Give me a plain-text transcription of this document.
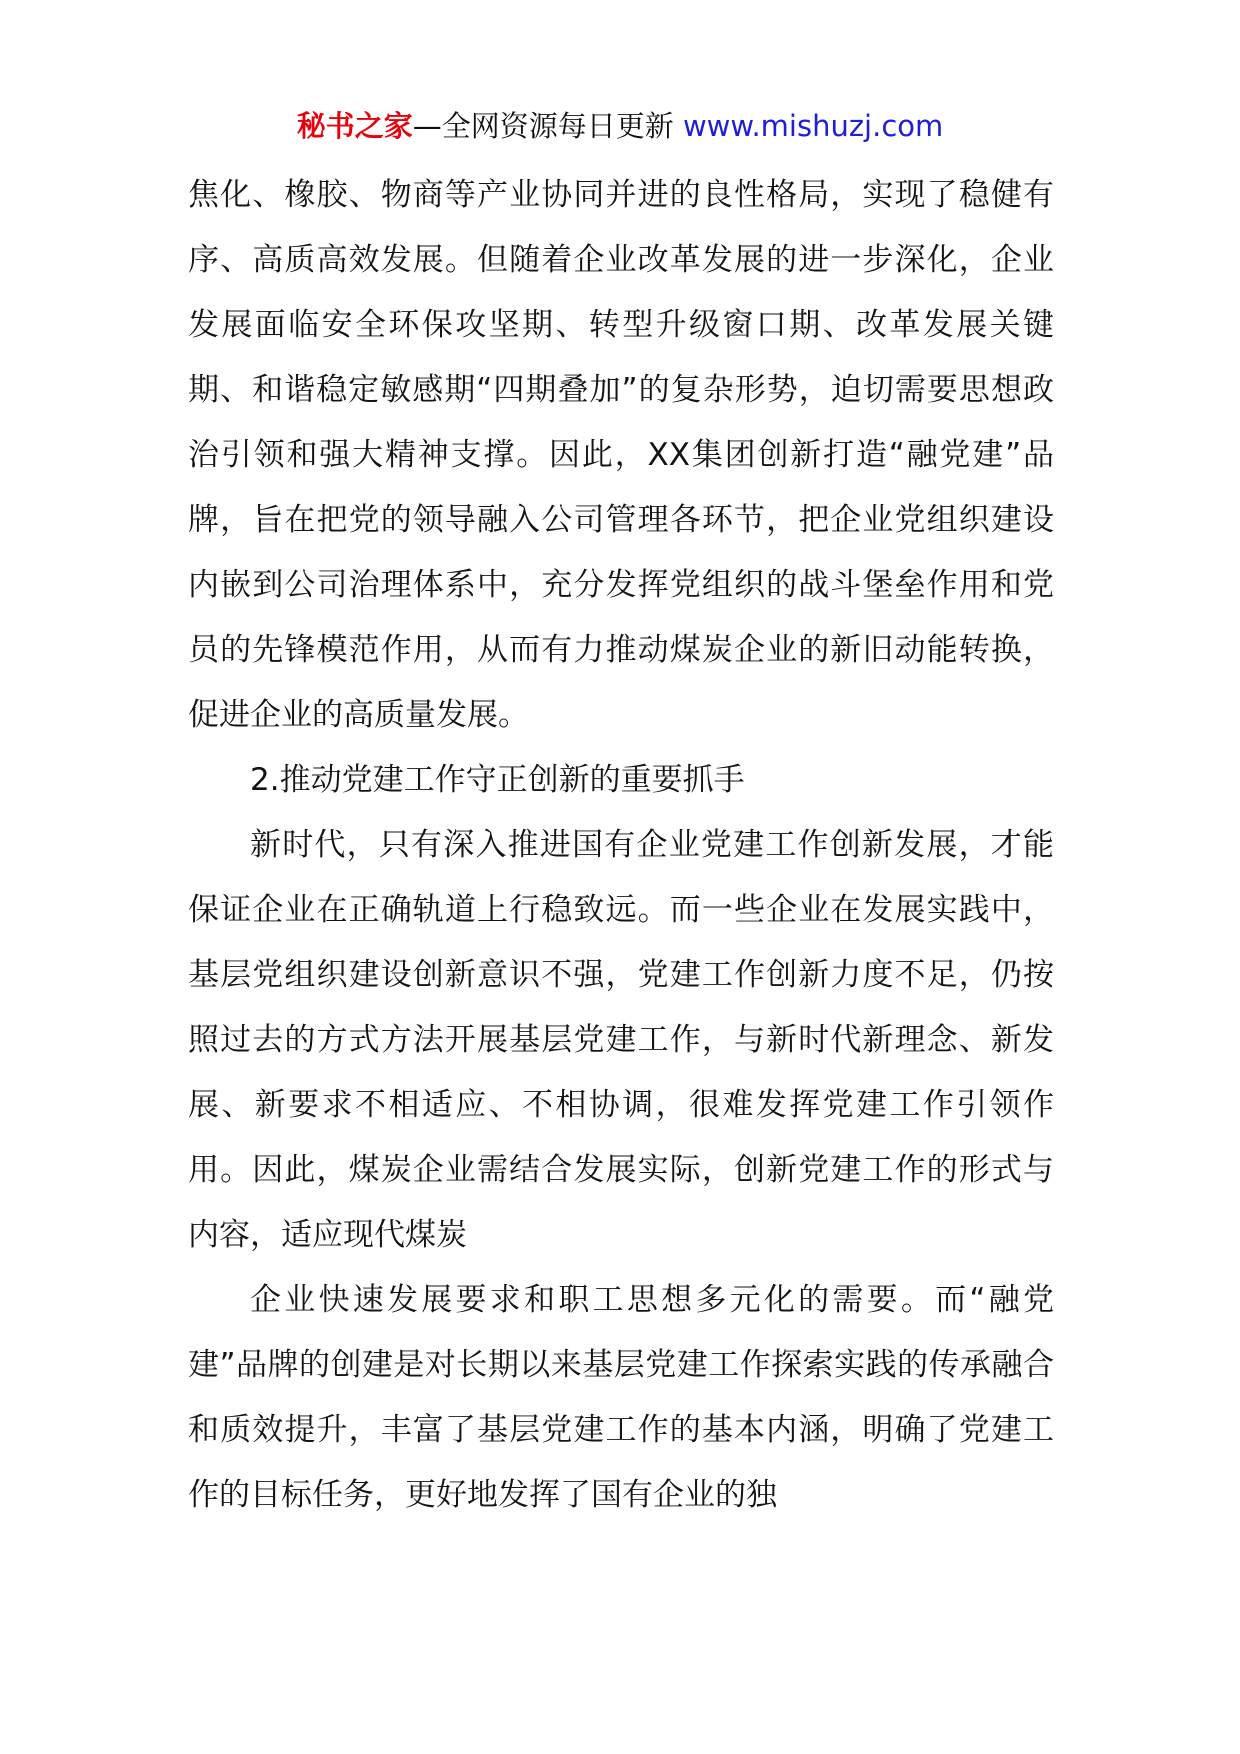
秘书之家—全网资源每日更新 www.mishuzj.com

焦化、橡胶、物商等产业协同并进的良性格局，实现了稳健有序、高质高效发展。但随着企业改革发展的进一步深化，企业发展面临安全环保攻坚期、转型升级窗口期、改革发展关键期、和谐稳定敏感期“四期叠加”的复杂形势，迫切需要思想政治引领和强大精神支撑。因此，XX集团创新打造“融党建”品牌，旨在把党的领导融入公司管理各环节，把企业党组织建设内嵌到公司治理体系中，充分发挥党组织的战斗堡垒作用和党员的先锋模范作用，从而有力推动煤炭企业的新旧动能转换，促进企业的高质量发展。

2.推动党建工作守正创新的重要抓手

新时代，只有深入推进国有企业党建工作创新发展，才能保证企业在正确轨道上行稳致远。而一些企业在发展实践中，基层党组织建设创新意识不强，党建工作创新力度不足，仍按照过去的方式方法开展基层党建工作，与新时代新理念、新发展、新要求不相适应、不相协调，很难发挥党建工作引领作用。因此，煤炭企业需结合发展实际，创新党建工作的形式与内容，适应现代煤炭

企业快速发展要求和职工思想多元化的需要。而“融党建”品牌的创建是对长期以来基层党建工作探索实践的传承融合和质效提升，丰富了基层党建工作的基本内涵，明确了党建工作的目标任务，更好地发挥了国有企业的独
